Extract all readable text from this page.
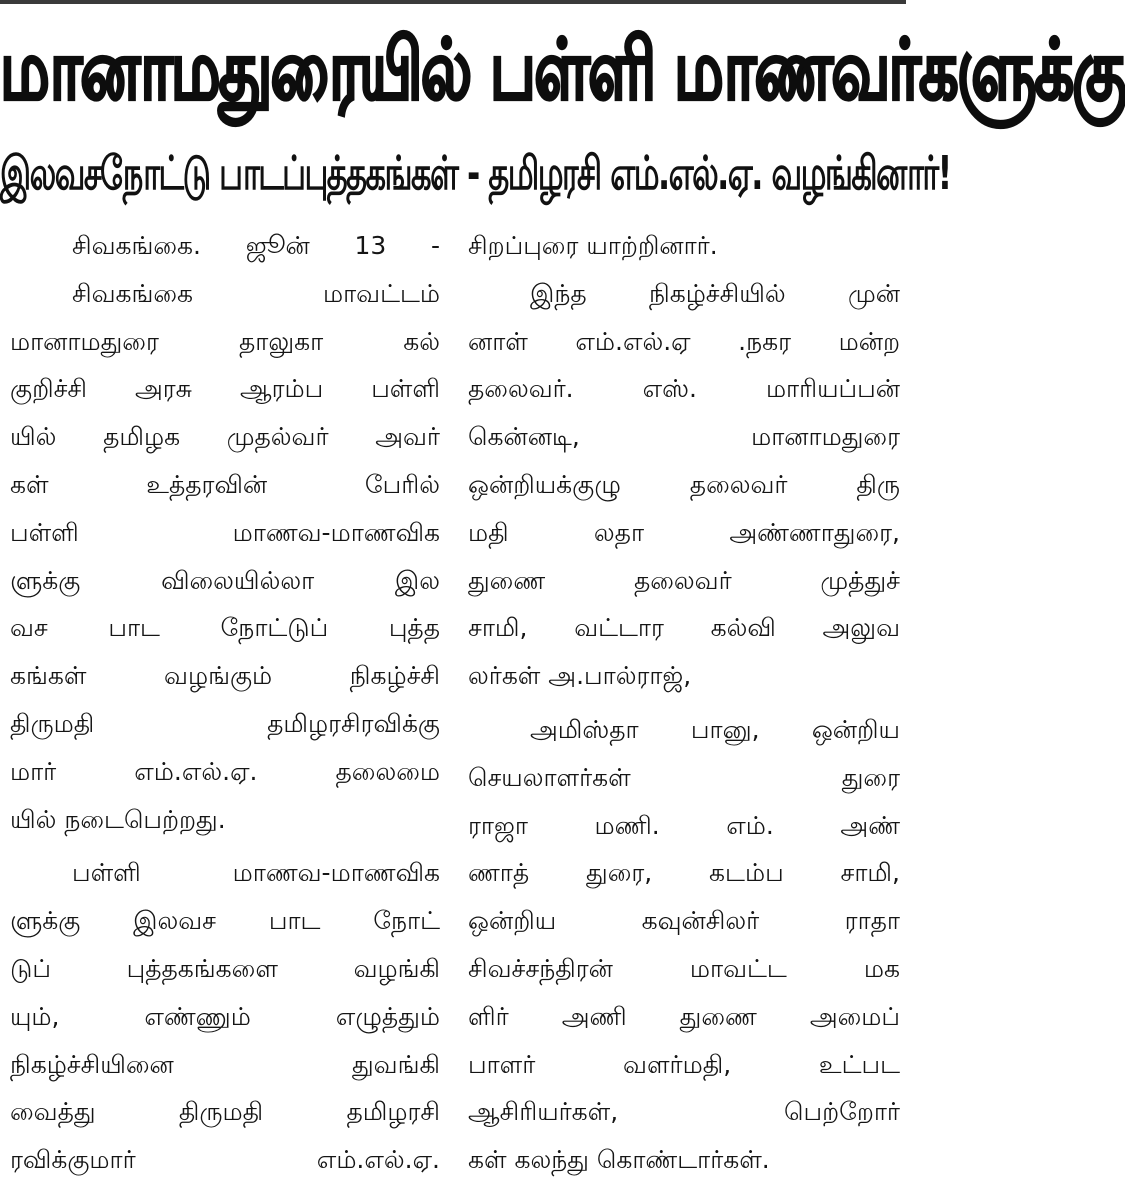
மானாமதுரையில் பள்ளி மாணவர்களுக்கு
இலவசநோட்டு பாடப்புத்தகங்கள் - தமிழரசி எம்.எல்.ஏ. வழங்கினார்!
சிவகங்கை. ஜூன் 13 -
சிவகங்கை மாவட்டம்
மானாமதுரை தாலுகா கல்
குறிச்சி அரசு ஆரம்ப பள்ளி
யில் தமிழக முதல்வர் அவர்
கள் உத்தரவின் பேரில்
பள்ளி மாணவ-மாணவிக
ளுக்கு விலையில்லா இல
வச பாட நோட்டுப் புத்த
கங்கள் வழங்கும் நிகழ்ச்சி
திருமதி தமிழரசிரவிக்கு
மார் எம்.எல்.ஏ. தலைமை
யில் நடைபெற்றது.
பள்ளி மாணவ-மாணவிக
ளுக்கு இலவச பாட நோட்
டுப் புத்தகங்களை வழங்கி
யும், எண்ணும் எழுத்தும்
நிகழ்ச்சியினை துவங்கி
வைத்து திருமதி தமிழரசி
ரவிக்குமார் எம்.எல்.ஏ.
சிறப்புரை யாற்றினார்.
இந்த நிகழ்ச்சியில் முன்
னாள் எம்.எல்.ஏ .நகர மன்ற
தலைவர். எஸ். மாரியப்பன்
கென்னடி, மானாமதுரை
ஒன்றியக்குழு தலைவர் திரு
மதி லதா அண்ணாதுரை,
துணை தலைவர் முத்துச்
சாமி, வட்டார கல்வி அலுவ
லர்கள் அ.பால்ராஜ்,
அமிஸ்தா பானு, ஒன்றிய
செயலாளர்கள் துரை
ராஜா மணி. எம். அண்
ணாத் துரை, கடம்ப சாமி,
ஒன்றிய கவுன்சிலர் ராதா
சிவச்சந்திரன் மாவட்ட மக
ளிர் அணி துணை அமைப்
பாளர் வளர்மதி, உட்பட
ஆசிரியர்கள், பெற்றோர்
கள் கலந்து கொண்டார்கள்.
